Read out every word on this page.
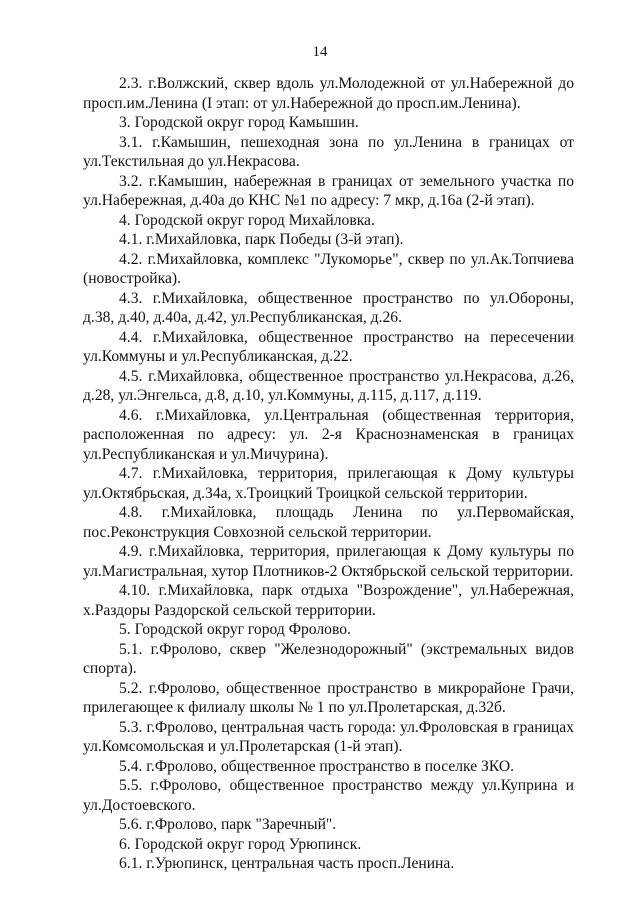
14

2.3. г.Волжский, сквер вдоль ул.Молодежной от ул.Набережной до просп.им.Ленина (I этап: от ул.Набережной до просп.им.Ленина).

3. Городской округ город Камышин.

3.1. г.Камышин, пешеходная зона по ул.Ленина в границах от ул.Текстильная до ул.Некрасова.

3.2. г.Камышин, набережная в границах от земельного участка по ул.Набережная, д.40а до КНС №1 по адресу: 7 мкр, д.16а (2-й этап).

4. Городской округ город Михайловка.

4.1. г.Михайловка, парк Победы (3-й этап).

4.2. г.Михайловка, комплекс "Лукоморье", сквер по ул.Ак.Топчиева (новостройка).

4.3. г.Михайловка, общественное пространство по ул.Обороны, д.38, д.40, д.40а, д.42, ул.Республиканская, д.26.

4.4. г.Михайловка, общественное пространство на пересечении ул.Коммуны и ул.Республиканская, д.22.

4.5. г.Михайловка, общественное пространство ул.Некрасова, д.26, д.28, ул.Энгельса, д.8, д.10, ул.Коммуны, д.115, д.117, д.119.

4.6. г.Михайловка, ул.Центральная (общественная территория, расположенная по адресу: ул. 2-я Краснознаменская в границах ул.Республиканская и ул.Мичурина).

4.7. г.Михайловка, территория, прилегающая к Дому культуры ул.Октябрьская, д.34а, х.Троицкий Троицкой сельской территории.

4.8. г.Михайловка, площадь Ленина по ул.Первомайская, пос.Реконструкция Совхозной сельской территории.

4.9. г.Михайловка, территория, прилегающая к Дому культуры по ул.Магистральная, хутор Плотников-2 Октябрьской сельской территории.

4.10. г.Михайловка, парк отдыха "Возрождение", ул.Набережная, х.Раздоры Раздорской сельской территории.

5. Городской округ город Фролово.

5.1. г.Фролово, сквер "Железнодорожный" (экстремальных видов спорта).

5.2. г.Фролово, общественное пространство в микрорайоне Грачи, прилегающее к филиалу школы № 1 по ул.Пролетарская, д.32б.

5.3. г.Фролово, центральная часть города: ул.Фроловская в границах ул.Комсомольская и ул.Пролетарская (1-й этап).

5.4. г.Фролово, общественное пространство в поселке ЗКО.

5.5. г.Фролово, общественное пространство между ул.Куприна и ул.Достоевского.

5.6. г.Фролово, парк "Заречный".

6. Городской округ город Урюпинск.

6.1. г.Урюпинск, центральная часть просп.Ленина.
